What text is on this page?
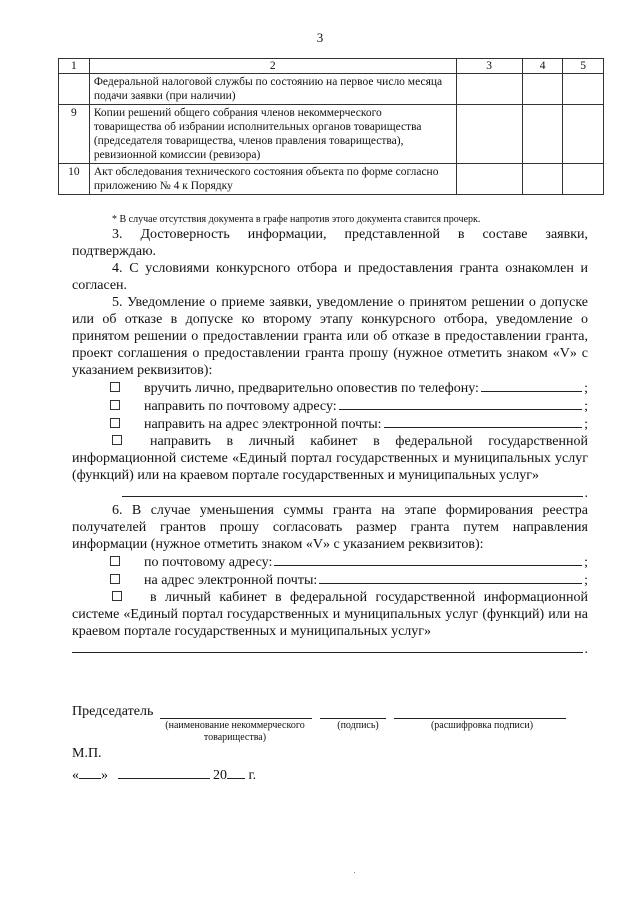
3
1	2	3	4	5
	Федеральной налоговой службы по состоянию на первое число месяца подачи заявки (при наличии)			
9	Копии решений общего собрания членов некоммерческого товарищества об избрании исполнительных органов товарищества (председателя товарищества, членов правления товарищества), ревизионной комиссии (ревизора)			
10	Акт обследования технического состояния объекта по форме согласно приложению № 4 к Порядку			
* В случае отсутствия документа в графе напротив этого документа ставится прочерк.

3. Достоверность информации, представленной в составе заявки, подтверждаю.

4. С условиями конкурсного отбора и предоставления гранта ознакомлен и согласен.

5. Уведомление о приеме заявки, уведомление о принятом решении о допуске или об отказе в допуске ко второму этапу конкурсного отбора, уведомление о принятом решении о предоставлении гранта или об отказе в предоставлении гранта, проект соглашения о предоставлении гранта прошу (нужное отметить знаком «V» с указанием реквизитов):

вручить лично, предварительно оповестив по телефону:	;
направить по почтовому адресу:	;
направить на адрес электронной почты:	;

направить в личный кабинет в федеральной государственной информационной системе «Единый портал государственных и муниципальных услуг (функций) или на краевом портале государственных и муниципальных услуг»

.

6. В случае уменьшения суммы гранта на этапе формирования реестра получателей грантов прошу согласовать размер гранта путем направления информации (нужное отметить знаком «V» с указанием реквизитов):

по почтовому адресу:	;
на адрес электронной почты:	;

в личный кабинет в федеральной государственной информационной системе «Единый портал государственных и муниципальных услуг (функций) или на краевом портале государственных и муниципальных услуг»

.
Председатель
(наименование некоммерческого товарищества)
(подпись)	(расшифровка подписи)
М.П.
« »	20 г.
